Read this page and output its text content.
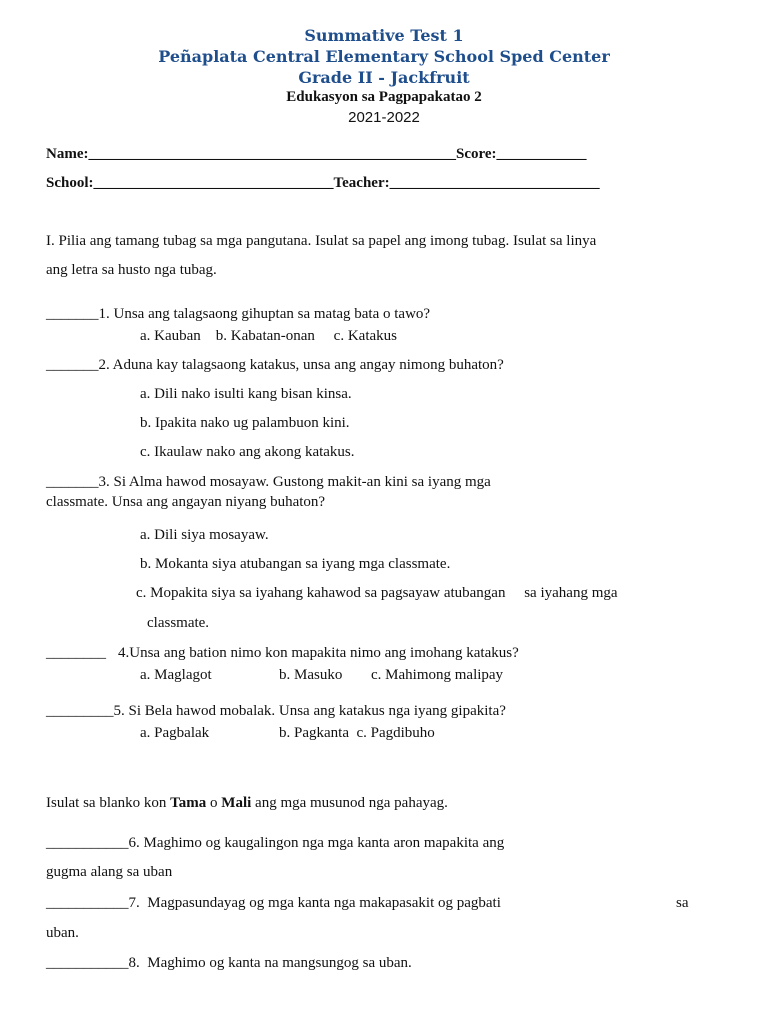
Summative Test 1
Peñaplata Central Elementary School Sped Center
Grade II - Jackfruit
Edukasyon sa Pagpapakatao 2
2021-2022
Name:_________________________________________________Score:____________
School:________________________________Teacher:____________________________
I. Pilia ang tamang tubag sa mga pangutana. Isulat sa papel ang imong tubag. Isulat sa linya
ang letra sa husto nga tubag.
_______1. Unsa ang talagsaong gihuptan sa matag bata o tawo?
a. Kauban    b. Kabatan-onan     c. Katakus
_______2. Aduna kay talagsaong katakus, unsa ang angay nimong buhaton?
a. Dili nako isulti kang bisan kinsa.
b. Ipakita nako ug palambuon kini.
c. Ikaulaw nako ang akong katakus.
_______3. Si Alma hawod mosayaw. Gustong makit-an kini sa iyang mga
classmate. Unsa ang angayan niyang buhaton?
a. Dili siya mosayaw.
b. Mokanta siya atubangan sa iyang mga classmate.
c. Mopakita siya sa iyahang kahawod sa pagsayaw atubangan     sa iyahang mga
classmate.
________ 4.Unsa ang bation nimo kon mapakita nimo ang imohang katakus?
a. Maglagot	b. Masuko c. Mahimong malipay
_________5. Si Bela hawod mobalak. Unsa ang katakus nga iyang gipakita?
a. Pagbalak	b. Pagkanta  c. Pagdibuho
Isulat sa blanko kon Tama o Mali ang mga musunod nga pahayag.
___________6. Maghimo og kaugalingon nga mga kanta aron mapakita ang
gugma alang sa uban
___________7.  Magpasundayag og mga kanta nga makapasakit og pagbati	sa
uban.
___________8.  Maghimo og kanta na mangsungog sa uban.
